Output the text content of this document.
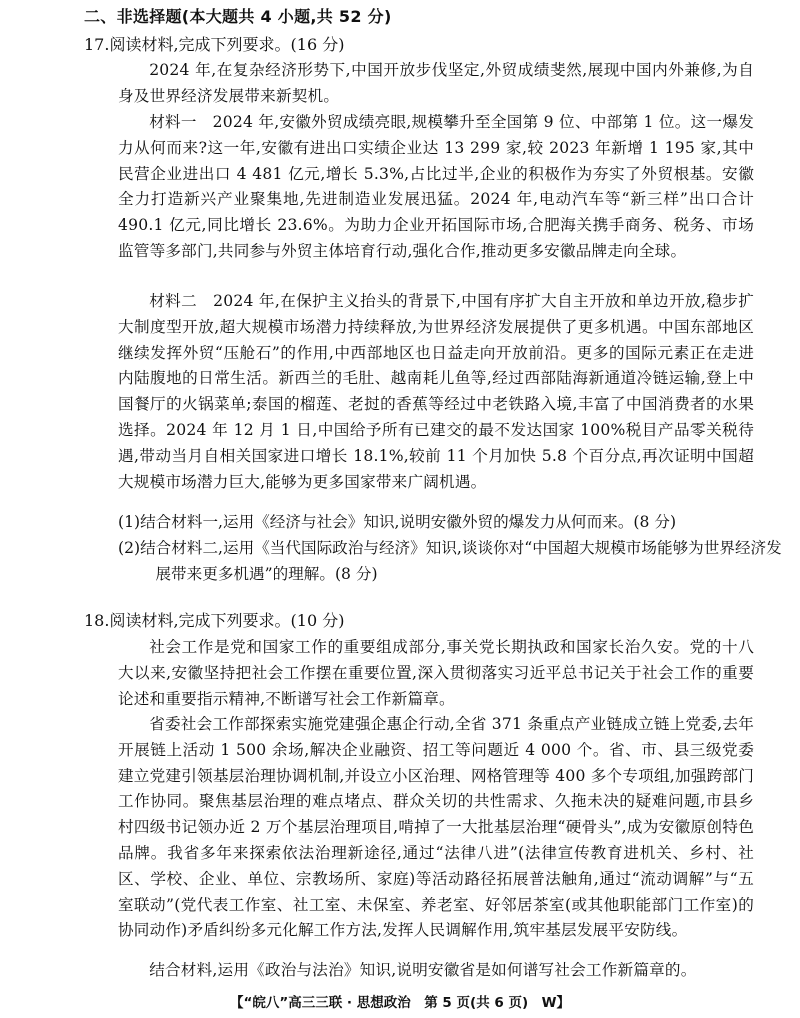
二、非选择题(本大题共 4 小题,共 52 分)
17.阅读材料,完成下列要求。(16 分)
2024 年,在复杂经济形势下,中国开放步伐坚定,外贸成绩斐然,展现中国内外兼修,为自身及世界经济发展带来新契机。
材料一　2024 年,安徽外贸成绩亮眼,规模攀升至全国第 9 位、中部第 1 位。这一爆发力从何而来?这一年,安徽有进出口实绩企业达 13 299 家,较 2023 年新增 1 195 家,其中民营企业进出口 4 481 亿元,增长 5.3%,占比过半,企业的积极作为夯实了外贸根基。安徽全力打造新兴产业聚集地,先进制造业发展迅猛。2024 年,电动汽车等“新三样”出口合计 490.1 亿元,同比增长 23.6%。为助力企业开拓国际市场,合肥海关携手商务、税务、市场监管等多部门,共同参与外贸主体培育行动,强化合作,推动更多安徽品牌走向全球。
材料二　2024 年,在保护主义抬头的背景下,中国有序扩大自主开放和单边开放,稳步扩大制度型开放,超大规模市场潜力持续释放,为世界经济发展提供了更多机遇。中国东部地区继续发挥外贸“压舱石”的作用,中西部地区也日益走向开放前沿。更多的国际元素正在走进内陆腹地的日常生活。新西兰的毛肚、越南耗儿鱼等,经过西部陆海新通道冷链运输,登上中国餐厅的火锅菜单;泰国的榴莲、老挝的香蕉等经过中老铁路入境,丰富了中国消费者的水果选择。2024 年 12 月 1 日,中国给予所有已建交的最不发达国家 100%税目产品零关税待遇,带动当月自相关国家进口增长 18.1%,较前 11 个月加快 5.8 个百分点,再次证明中国超大规模市场潜力巨大,能够为更多国家带来广阔机遇。
(1)结合材料一,运用《经济与社会》知识,说明安徽外贸的爆发力从何而来。(8 分)
(2)结合材料二,运用《当代国际政治与经济》知识,谈谈你对“中国超大规模市场能够为世界经济发展带来更多机遇”的理解。(8 分)
18.阅读材料,完成下列要求。(10 分)
社会工作是党和国家工作的重要组成部分,事关党长期执政和国家长治久安。党的十八大以来,安徽坚持把社会工作摆在重要位置,深入贯彻落实习近平总书记关于社会工作的重要论述和重要指示精神,不断谱写社会工作新篇章。
省委社会工作部探索实施党建强企惠企行动,全省 371 条重点产业链成立链上党委,去年开展链上活动 1 500 余场,解决企业融资、招工等问题近 4 000 个。省、市、县三级党委建立党建引领基层治理协调机制,并设立小区治理、网格管理等 400 多个专项组,加强跨部门工作协同。聚焦基层治理的难点堵点、群众关切的共性需求、久拖未决的疑难问题,市县乡村四级书记领办近 2 万个基层治理项目,啃掉了一大批基层治理“硬骨头”,成为安徽原创特色品牌。我省多年来探索依法治理新途径,通过“法律八进”(法律宣传教育进机关、乡村、社区、学校、企业、单位、宗教场所、家庭)等活动路径拓展普法触角,通过“流动调解”与“五室联动”(党代表工作室、社工室、未保室、养老室、好邻居茶室(或其他职能部门工作室)的协同动作)矛盾纠纷多元化解工作方法,发挥人民调解作用,筑牢基层发展平安防线。
结合材料,运用《政治与法治》知识,说明安徽省是如何谱写社会工作新篇章的。
【“皖八”高三三联 · 思想政治　第 5 页(共 6 页)　W】
